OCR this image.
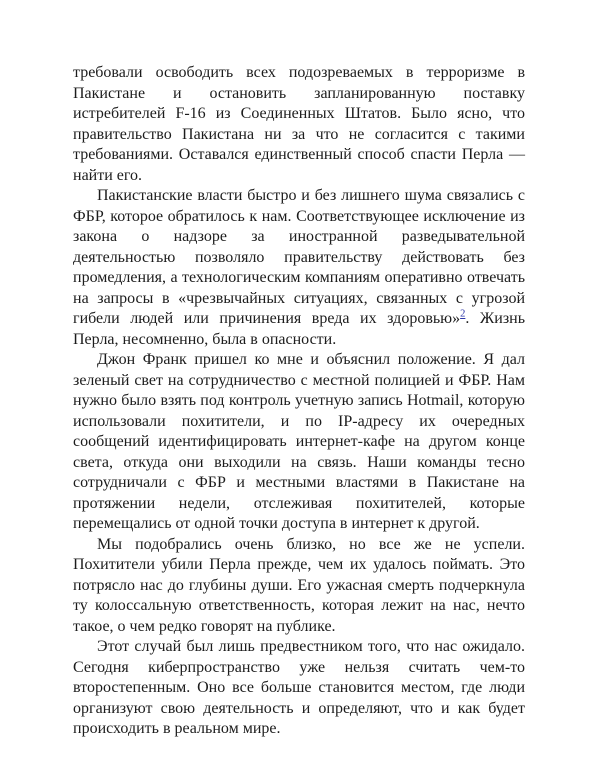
требовали освободить всех подозреваемых в терроризме в Пакистане и остановить запланированную поставку истребителей F-16 из Соединенных Штатов. Было ясно, что правительство Пакистана ни за что не согласится с такими требованиями. Оставался единственный способ спасти Перла — найти его.

Пакистанские власти быстро и без лишнего шума связались с ФБР, которое обратилось к нам. Соответствующее исключение из закона о надзоре за иностранной разведывательной деятельностью позволяло правительству действовать без промедления, а технологическим компаниям оперативно отвечать на запросы в «чрезвычайных ситуациях, связанных с угрозой гибели людей или причинения вреда их здоровью»$^2$. Жизнь Перла, несомненно, была в опасности.

Джон Франк пришел ко мне и объяснил положение. Я дал зеленый свет на сотрудничество с местной полицией и ФБР. Нам нужно было взять под контроль учетную запись Hotmail, которую использовали похитители, и по IP-адресу их очередных сообщений идентифицировать интернет-кафе на другом конце света, откуда они выходили на связь. Наши команды тесно сотрудничали с ФБР и местными властями в Пакистане на протяжении недели, отслеживая похитителей, которые перемещались от одной точки доступа в интернет к другой.

Мы подобрались очень близко, но все же не успели. Похитители убили Перла прежде, чем их удалось поймать. Это потрясло нас до глубины души. Его ужасная смерть подчеркнула ту колоссальную ответственность, которая лежит на нас, нечто такое, о чем редко говорят на публике.

Этот случай был лишь предвестником того, что нас ожидало. Сегодня киберпространство уже нельзя считать чем-то второстепенным. Оно все больше становится местом, где люди организуют свою деятельность и определяют, что и как будет происходить в реальном мире.
